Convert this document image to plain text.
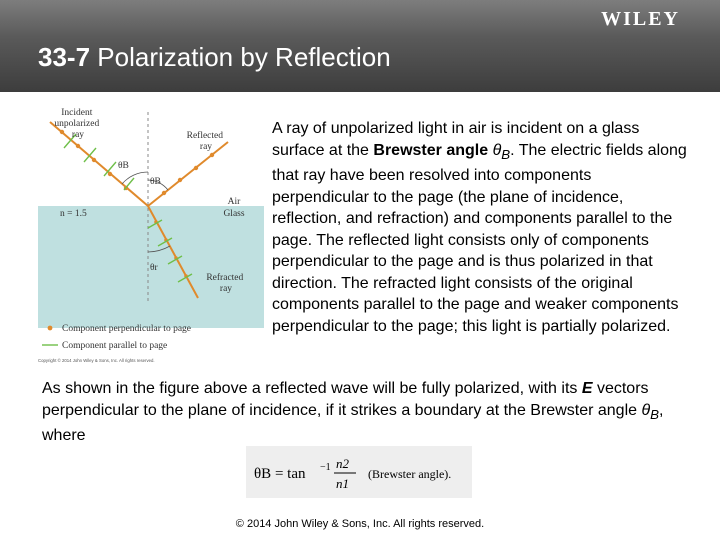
WILEY
33-7 Polarization by Reflection
Incident unpolarized ray	Reflected ray
θB
θB
Air
Glass
n = 1.5
θr
Refracted ray
Component perpendicular to page
Component parallel to page
Copyright © 2014 John Wiley & Sons, Inc. All rights reserved.
A ray of unpolarized light in air is incident on a glass surface at the Brewster angle $\theta_B$. The electric fields along that ray have been resolved into components perpendicular to the page (the plane of incidence, reflection, and refraction) and components parallel to the page. The reflected light consists only of components perpendicular to the page and is thus polarized in that direction. The refracted light consists of the original components parallel to the page and weaker components perpendicular to the page; this light is partially polarized.
As shown in the figure above a reflected wave will be fully polarized, with its E vectors perpendicular to the plane of incidence, if it strikes a boundary at the Brewster angle $\theta_B$, where
θB = tan −1 n2
n1
(Brewster angle).
© 2014 John Wiley & Sons, Inc. All rights reserved.
